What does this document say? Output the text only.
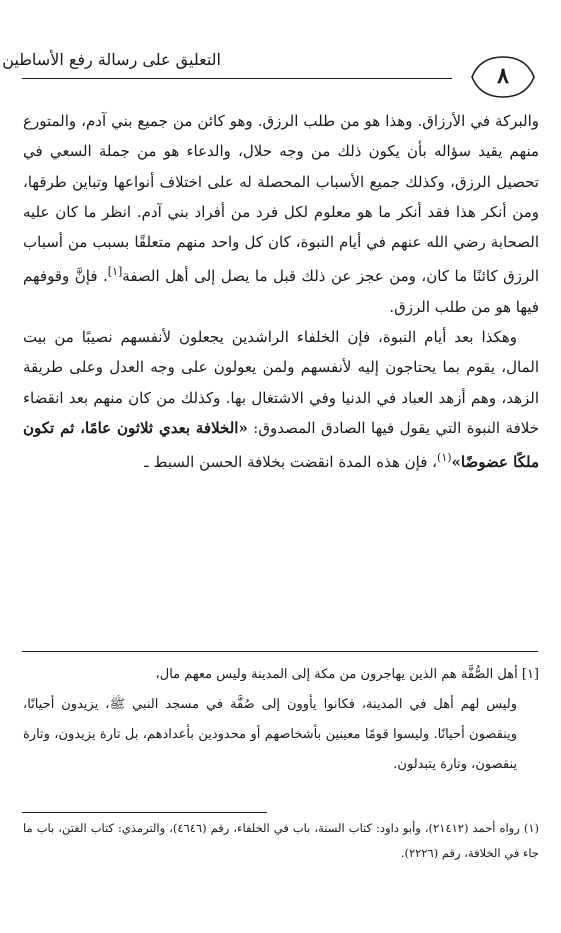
التعليق على رسالة رفع الأساطين
٨

والبركة في الأرزاق. وهذا هو من طلب الرزق. وهو كائن من جميع بني آدم، والمتورع منهم يقيد سؤاله بأن يكون ذلك من وجه حلال، والدعاء هو من جملة السعي في تحصيل الرزق، وكذلك جميع الأسباب المحصلة له على اختلاف أنواعها وتباين طرقها، ومن أنكر هذا فقد أنكر ما هو معلوم لكل فرد من أفراد بني آدم. انظر ما كان عليه الصحابة رضي الله عنهم في أيام النبوة، كان كل واحد منهم متعلقًا بسبب من أسباب الرزق كائنًا ما كان، ومن عجز عن ذلك قبل ما يصل إلى أهل الصفة[١]. فإنَّ وقوفهم فيها هو من طلب الرزق.

وهكذا بعد أيام النبوة، فإن الخلفاء الراشدين يجعلون لأنفسهم نصيبًا من بيت المال، يقوم بما يحتاجون إليه لأنفسهم ولمن يعولون على وجه العدل وعلى طريقة الزهد، وهم أزهد العباد في الدنيا وفي الاشتغال بها. وكذلك من كان منهم بعد انقضاء خلافة النبوة التي يقول فيها الصادق المصدوق: «الخلافة بعدي ثلاثون عامًا، ثم تكون ملكًا عضوضًا»$^{(١)}$، فإن هذه المدة انقضت بخلافة الحسن السبط ـ

[١] أهل الصُّفَّة هم الذين يهاجرون من مكة إلى المدينة وليس معهم مال،

وليس لهم أهل في المدينة، فكانوا يأوون إلى صُفَّة في مسجد النبي ﷺ، يزيدون أحيانًا، وينقصون أحيانًا. وليسوا قومًا معينين بأشخاصهم أو محدودين بأعدادهم، بل تارة يزيدون، وتارة ينقصون، وتارة يتبدلون.

(١) رواه أحمد (٢١٤١٢)، وأبو داود: كتاب السنة، باب في الخلفاء، رقم (٤٦٤٦)، والترمذي: كتاب الفتن، باب ما جاء في الخلافة، رقم (٢٢٢٦).
